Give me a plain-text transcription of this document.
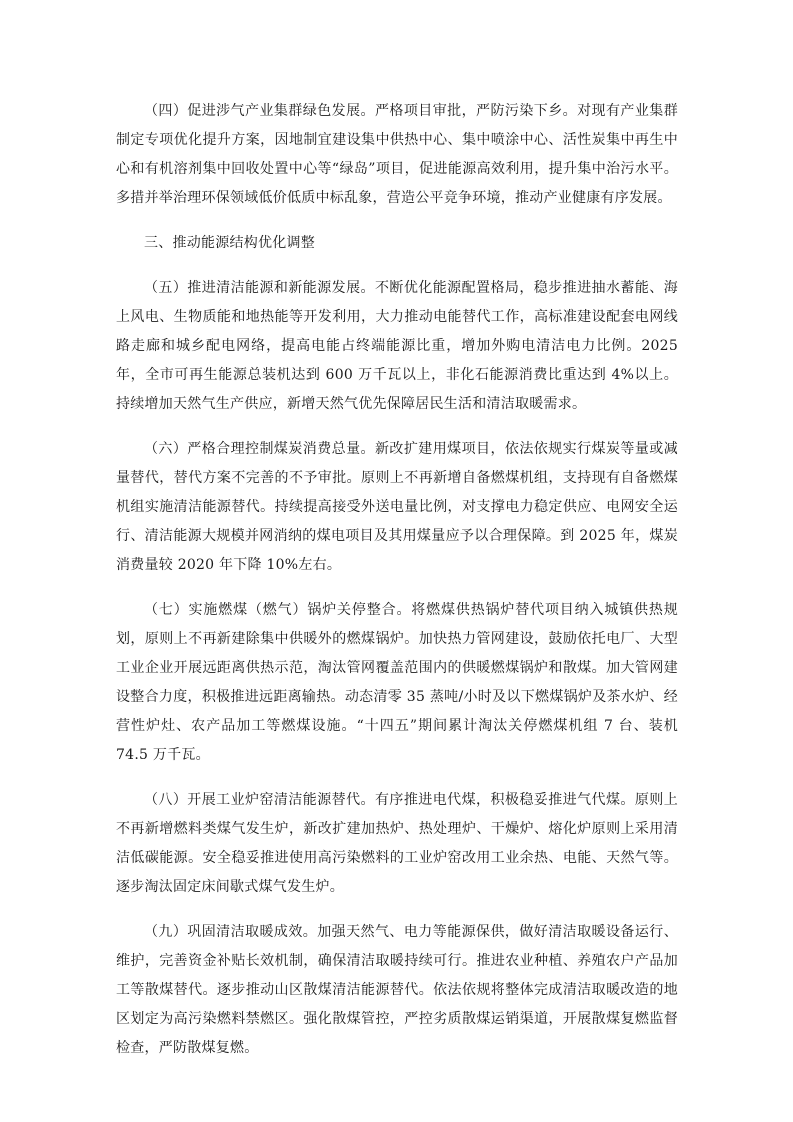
（四）促进涉气产业集群绿色发展。严格项目审批，严防污染下乡。对现有产业集群制定专项优化提升方案，因地制宜建设集中供热中心、集中喷涂中心、活性炭集中再生中心和有机溶剂集中回收处置中心等“绿岛”项目，促进能源高效利用，提升集中治污水平。多措并举治理环保领域低价低质中标乱象，营造公平竞争环境，推动产业健康有序发展。

三、推动能源结构优化调整

（五）推进清洁能源和新能源发展。不断优化能源配置格局，稳步推进抽水蓄能、海上风电、生物质能和地热能等开发利用，大力推动电能替代工作，高标准建设配套电网线路走廊和城乡配电网络，提高电能占终端能源比重，增加外购电清洁电力比例。2025 年，全市可再生能源总装机达到 600 万千瓦以上，非化石能源消费比重达到 4%以上。持续增加天然气生产供应，新增天然气优先保障居民生活和清洁取暖需求。

（六）严格合理控制煤炭消费总量。新改扩建用煤项目，依法依规实行煤炭等量或减量替代，替代方案不完善的不予审批。原则上不再新增自备燃煤机组，支持现有自备燃煤机组实施清洁能源替代。持续提高接受外送电量比例，对支撑电力稳定供应、电网安全运行、清洁能源大规模并网消纳的煤电项目及其用煤量应予以合理保障。到 2025 年，煤炭消费量较 2020 年下降 10%左右。

（七）实施燃煤（燃气）锅炉关停整合。将燃煤供热锅炉替代项目纳入城镇供热规划，原则上不再新建除集中供暖外的燃煤锅炉。加快热力管网建设，鼓励依托电厂、大型工业企业开展远距离供热示范，淘汰管网覆盖范围内的供暖燃煤锅炉和散煤。加大管网建设整合力度，积极推进远距离输热。动态清零 35 蒸吨/小时及以下燃煤锅炉及茶水炉、经营性炉灶、农产品加工等燃煤设施。“十四五”期间累计淘汰关停燃煤机组 7 台、装机 74.5 万千瓦。

（八）开展工业炉窑清洁能源替代。有序推进电代煤，积极稳妥推进气代煤。原则上不再新增燃料类煤气发生炉，新改扩建加热炉、热处理炉、干燥炉、熔化炉原则上采用清洁低碳能源。安全稳妥推进使用高污染燃料的工业炉窑改用工业余热、电能、天然气等。逐步淘汰固定床间歇式煤气发生炉。

（九）巩固清洁取暖成效。加强天然气、电力等能源保供，做好清洁取暖设备运行、维护，完善资金补贴长效机制，确保清洁取暖持续可行。推进农业种植、养殖农户产品加工等散煤替代。逐步推动山区散煤清洁能源替代。依法依规将整体完成清洁取暖改造的地区划定为高污染燃料禁燃区。强化散煤管控，严控劣质散煤运销渠道，开展散煤复燃监督检查，严防散煤复燃。
